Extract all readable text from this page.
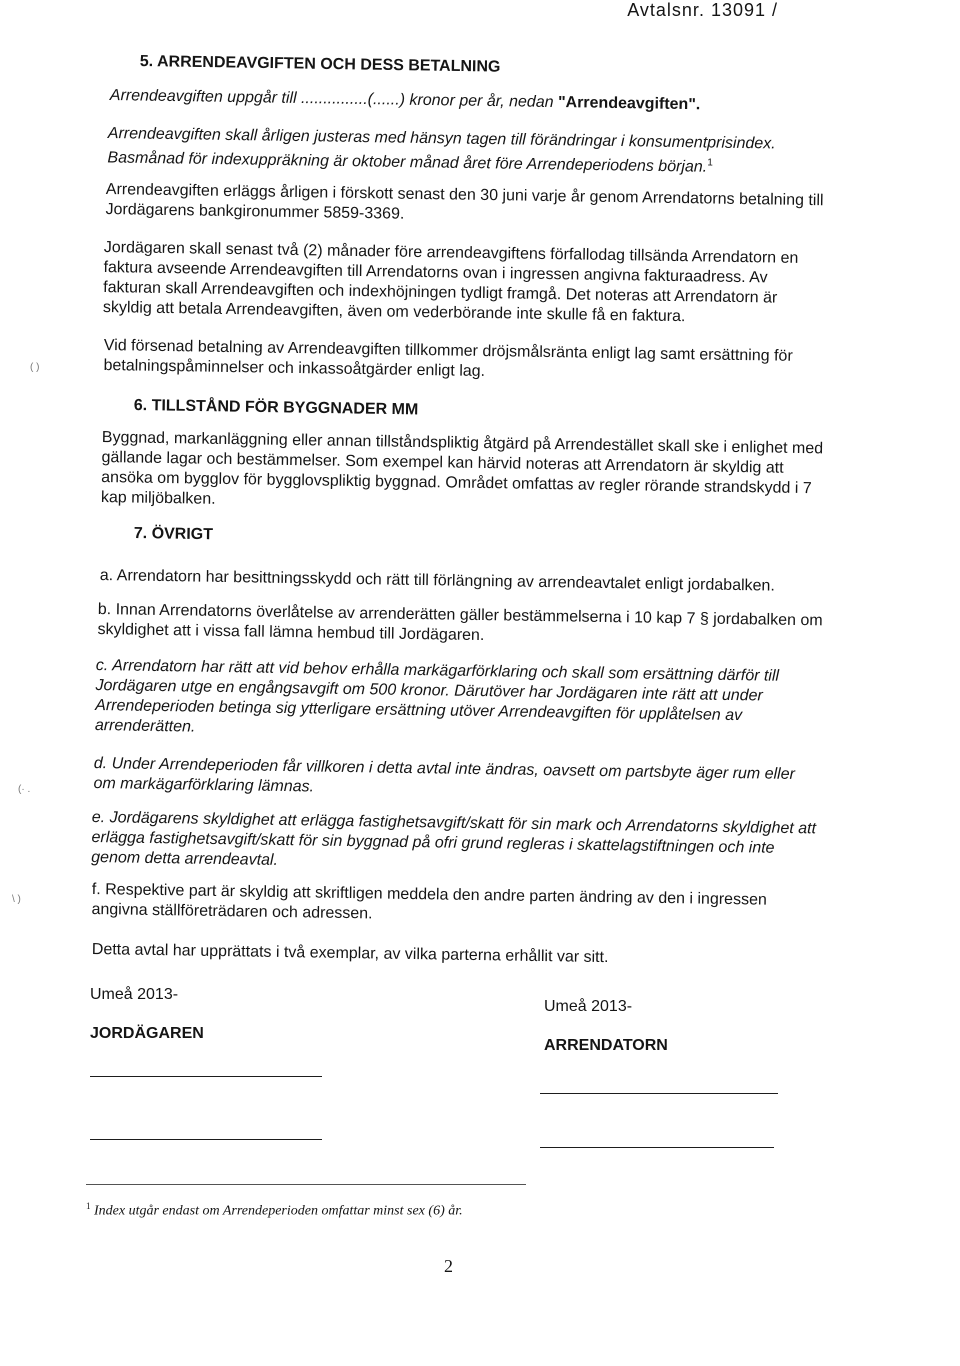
Avtalsnr. 13091 /
5. ARRENDEAVGIFTEN OCH DESS BETALNING
Arrendeavgiften uppgår till ...............(......) kronor per år, nedan "Arrendeavgiften".
Arrendeavgiften skall årligen justeras med hänsyn tagen till förändringar i konsumentprisindex. Basmånad för indexuppräkning är oktober månad året före Arrendeperiodens början.$^1$
Arrendeavgiften erläggs årligen i förskott senast den 30 juni varje år genom Arrendatorns betalning till Jordägarens bankgironummer 5859-3369.
Jordägaren skall senast två (2) månader före arrendeavgiftens förfallodag tillsända Arrendatorn en faktura avseende Arrendeavgiften till Arrendatorns ovan i ingressen angivna fakturaadress. Av fakturan skall Arrendeavgiften och indexhöjningen tydligt framgå. Det noteras att Arrendatorn är skyldig att betala Arrendeavgiften, även om vederbörande inte skulle få en faktura.
Vid försenad betalning av Arrendeavgiften tillkommer dröjsmålsränta enligt lag samt ersättning för betalningspåminnelser och inkassoåtgärder enligt lag.
6. TILLSTÅND FÖR BYGGNADER MM
Byggnad, markanläggning eller annan tillståndspliktig åtgärd på Arrendestället skall ske i enlighet med gällande lagar och bestämmelser. Som exempel kan härvid noteras att Arrendatorn är skyldig att ansöka om bygglov för bygglovspliktig byggnad. Området omfattas av regler rörande strandskydd i 7 kap miljöbalken.
7. ÖVRIGT
a. Arrendatorn har besittningsskydd och rätt till förlängning av arrendeavtalet enligt jordabalken.
b. Innan Arrendatorns överlåtelse av arrenderätten gäller bestämmelserna i 10 kap 7 § jordabalken om skyldighet att i vissa fall lämna hembud till Jordägaren.
c. Arrendatorn har rätt att vid behov erhålla markägarförklaring och skall som ersättning därför till Jordägaren utge en engångsavgift om 500 kronor. Därutöver har Jordägaren inte rätt att under Arrendeperioden betinga sig ytterligare ersättning utöver Arrendeavgiften för upplåtelsen av arrenderätten.
d. Under Arrendeperioden får villkoren i detta avtal inte ändras, oavsett om partsbyte äger rum eller om markägarförklaring lämnas.
e. Jordägarens skyldighet att erlägga fastighetsavgift/skatt för sin mark och Arrendatorns skyldighet att erlägga fastighetsavgift/skatt för sin byggnad på ofri grund regleras i skattelagstiftningen och inte genom detta arrendeavtal.
f. Respektive part är skyldig att skriftligen meddela den andre parten ändring av den i ingressen angivna ställföreträdaren och adressen.
Detta avtal har upprättats i två exemplar, av vilka parterna erhållit var sitt.
Umeå 2013-
JORDÄGAREN
Umeå 2013-
ARRENDATORN
$^1$ Index utgår endast om Arrendeperioden omfattar minst sex (6) år.
2
( )
(· .
\ )
